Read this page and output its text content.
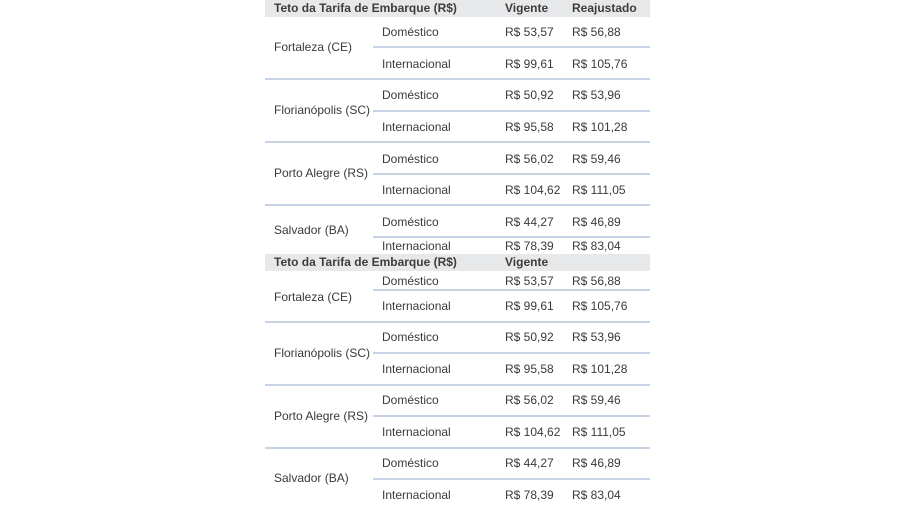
Teto da Tarifa de Embarque (R$)	Vigente Reajustado
Fortaleza (CE)
Doméstico	R$ 53,57 R$ 56,88
Internacional	R$ 99,61 R$ 105,76
Florianópolis (SC)
Doméstico	R$ 50,92 R$ 53,96
Internacional	R$ 95,58 R$ 101,28
Porto Alegre (RS)
Doméstico	R$ 56,02 R$ 59,46
Internacional	R$ 104,62 R$ 111,05
Salvador (BA)
Doméstico	R$ 44,27 R$ 46,89
Internacional	R$ 78,39 R$ 83,04
Teto da Tarifa de Embarque (R$)	Vigente
Fortaleza (CE)
Doméstico	R$ 53,57 R$ 56,88
Internacional	R$ 99,61 R$ 105,76
Florianópolis (SC)
Doméstico	R$ 50,92 R$ 53,96
Internacional	R$ 95,58 R$ 101,28
Porto Alegre (RS)
Doméstico	R$ 56,02 R$ 59,46
Internacional	R$ 104,62 R$ 111,05
Salvador (BA)
Doméstico	R$ 44,27 R$ 46,89
Internacional	R$ 78,39 R$ 83,04
